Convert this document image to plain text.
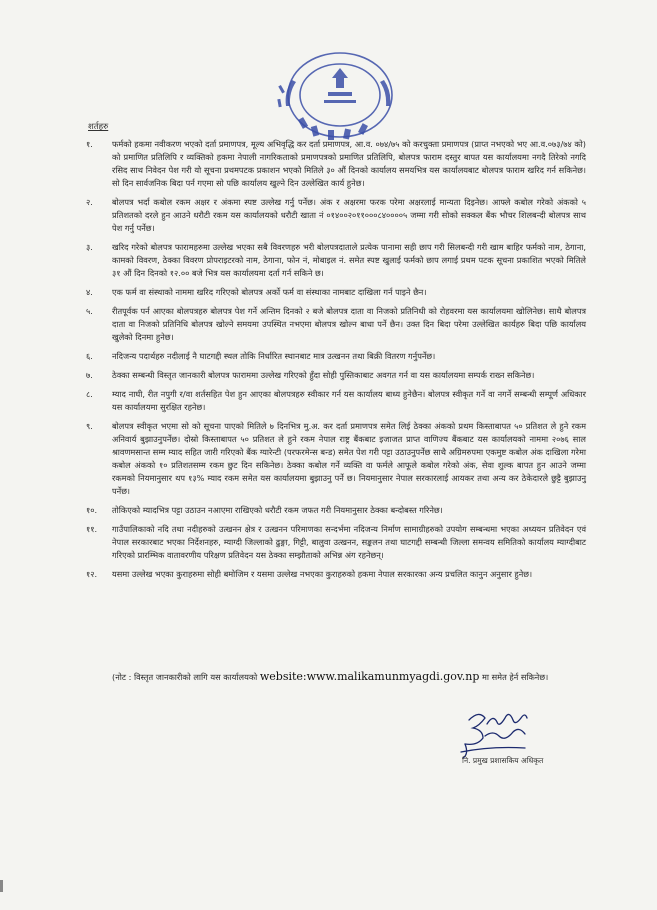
शर्तहरु
१.	फर्मको हकमा नवीकरण भएको दर्ता प्रमाणपत्र, मूल्य अभिवृद्धि कर दर्ता प्रमाणपत्र, आ.व. ०७४/७५ को करचुक्ता प्रमाणपत्र (प्राप्त नभएको भए आ.व.०७३/७४ को) को प्रमाणित प्रतिलिपि र व्यक्तिको हकमा नेपाली नागरिकताको प्रमाणपत्रको प्रमाणित प्रतिलिपि, बोलपत्र फाराम दस्तुर बापत यस कार्यालयमा नगदै तिरेको नगदि रसिद साथ निवेदन पेश गरी यो सूचना प्रथमपटक प्रकाशन भएको मितिले ३० औं दिनको कार्यालय समयभित्र यस कार्यालयबाट बोलपत्र फाराम खरिद गर्न सकिनेछ। सो दिन सार्वजनिक बिदा पर्न गएमा सो पछि कार्यालय खुल्ने दिन उल्लेखित कार्य हुनेछ।
२.	बोलपत्र भर्दा कबोल रकम अक्षर र अंकमा स्पष्ट उल्लेख गर्नु पर्नेछ। अंक र अक्षरमा फरक परेमा अक्षरलाई मान्यता दिइनेछ। आफ्ले कबोल गरेको अंकको ५ प्रतिशतको दरले हुन आउने धरौटी रकम यस कार्यालयको धरौटी खाता नं ०१४००२०११०००८४००००५ जम्मा गरी सोको सक्कल बैंक भौचर शिलबन्दी बोलपत्र साथ पेश गर्नु पर्नेछ।
३.	खरिद गरेको बोलपत्र फारामहरुमा उल्लेख भएका सबै विवरणहरु भरी बोलपत्रदाताले प्रत्येक पानामा सही छाप गरी सिलबन्दी गरी खाम बाहिर फर्मको नाम, ठेगाना, कामको विवरण, ठेक्का विवरण प्रोपराइटरको नाम, ठेगाना, फोन नं, मोबाइल नं. समेत स्पष्ट खुलाई फर्मको छाप लगाई प्रथम पटक सूचना प्रकाशित भएको मितिले ३१ औं दिन दिनको १२.०० बजे भित्र यस कार्यालयमा दर्ता गर्न सकिने छ।
४.	एक फर्म वा संस्थाको नाममा खरिद गरिएको बोलपत्र अर्को फर्म वा संस्थाका नामबाट दाखिला गर्न पाइने छैन।
५.	रीतपूर्वक पर्न आएका बोलपत्रहरु बोलपत्र पेश गर्ने अन्तिम दिनको २ बजे बोलपत्र दाता वा निजको प्रतिनिधी को रोहवरमा यस कार्यालयमा खोलिनेछ। साथै बोलपत्र दाता वा निजको प्रतिनिधि बोलपत्र खोल्ने समयमा उपस्थित नभएमा बोलपत्र खोल्न बाधा पर्ने छैन। उक्त दिन बिदा परेमा उल्लेखित कार्यहरु बिदा पछि कार्यालय खुलेको दिनमा हुनेछ।
६.	नदिजन्य पदार्थहरु नदीलाई नै घाटगद्दी स्थल तोकि निर्धारित स्थानबाट मात्र उत्खनन तथा बिक्री वितरण गर्नुपर्नेछ।
७.	ठेक्का सम्बन्धी विस्तृत जानकारी बोलपत्र फाराममा उल्लेख गरिएको हुँदा सोही पुस्तिकाबाट अवगत गर्न वा यस कार्यालयमा सम्पर्क राख्न सकिनेछ।
८.	म्याद नाघी, रीत नपुगी र/वा शर्तसहित पेश हुन आएका बोलपत्रहरु स्वीकार गर्न यस कार्यालय बाध्य हुनेछैन। बोलपत्र स्वीकृत गर्ने वा नगर्ने सम्बन्धी सम्पूर्ण अधिकार यस कार्यालयमा सुरक्षित रहनेछ।
९.	बोलपत्र स्वीकृत भएमा सो को सूचना पाएको मितिले ७ दिनभित्र मु.अ. कर दर्ता प्रमाणपत्र समेत लिई ठेक्का अंकको प्रथम किस्ताबापत ५० प्रतिशत ले हुने रकम अनिवार्य बुझाउनुपर्नेछ। दोस्रो किस्ताबापत ५० प्रतिशत ले हुने रकम नेपाल राष्ट्र बैंकबाट इजाजत प्राप्त वाणिज्य बैंकबाट यस कार्यालयको नाममा २०७६ साल श्रावणमसान्त सम्म म्याद सहित जारी गरिएको बैंक ग्यारेन्टी (परफरमेन्स बन्ड) समेत पेश गरी पट्टा उठाउनुपर्नेछ साथै अग्रिमरुपमा एकमुष्ट कबोल अंक दाखिला गरेमा कबोल अंकको १० प्रतिशतसम्म रकम छुट दिन सकिनेछ। ठेक्का कबोल गर्ने व्यक्ति वा फर्मले आफूले कबोल गरेको अंक, सेवा शुल्क बापत हुन आउने जम्मा रकमको नियमानुसार थप १३% म्याद रकम समेत यस कार्यालयमा बुझाउनु पर्ने छ। नियमानुसार नेपाल सरकारलाई आयकर तथा अन्य कर ठेकेदारले छुट्टै बुझाउनु पर्नेछ।
१०.	तोकिएको म्यादभित्र पट्टा उठाउन नआएमा राखिएको धरौटी रकम जफत गरी नियमानुसार ठेक्का बन्दोबस्त गरिनेछ।
११.	गाउँपालिकाको नदि तथा नदीहरुको उत्खनन क्षेत्र र उत्खनन परिमाणका सन्दर्भमा नदिजन्य निर्माण सामाग्रीहरुको उपयोग सम्बन्धमा भएका अध्ययन प्रतिवेदन एवं नेपाल सरकारबाट भएका निर्देशनहरु, म्याग्दी जिल्लाको ढुङ्गा, गिट्टी, बालुवा उत्खनन, सङ्कलन तथा घाटगद्दी सम्बन्धी जिल्ला समन्वय समितिको कार्यालय म्याग्दीबाट गरिएको प्रारम्भिक वातावरणीय परिक्षण प्रतिवेदन यस ठेक्का सम्झौताको अभिन्न अंग रहनेछन्।
१२.	यसमा उल्लेख भएका कुराहरुमा सोही बमोजिम र यसमा उल्लेख नभएका कुराहरुको हकमा नेपाल सरकारका अन्य प्रचलित कानुन अनुसार हुनेछ।
(नोट : विस्तृत जानकारीको लागि यस कार्यालयको website:www.malikamunmyagdi.gov.np मा समेत हेर्न सकिनेछ।
नि. प्रमुख प्रशासकिय अधिकृत
